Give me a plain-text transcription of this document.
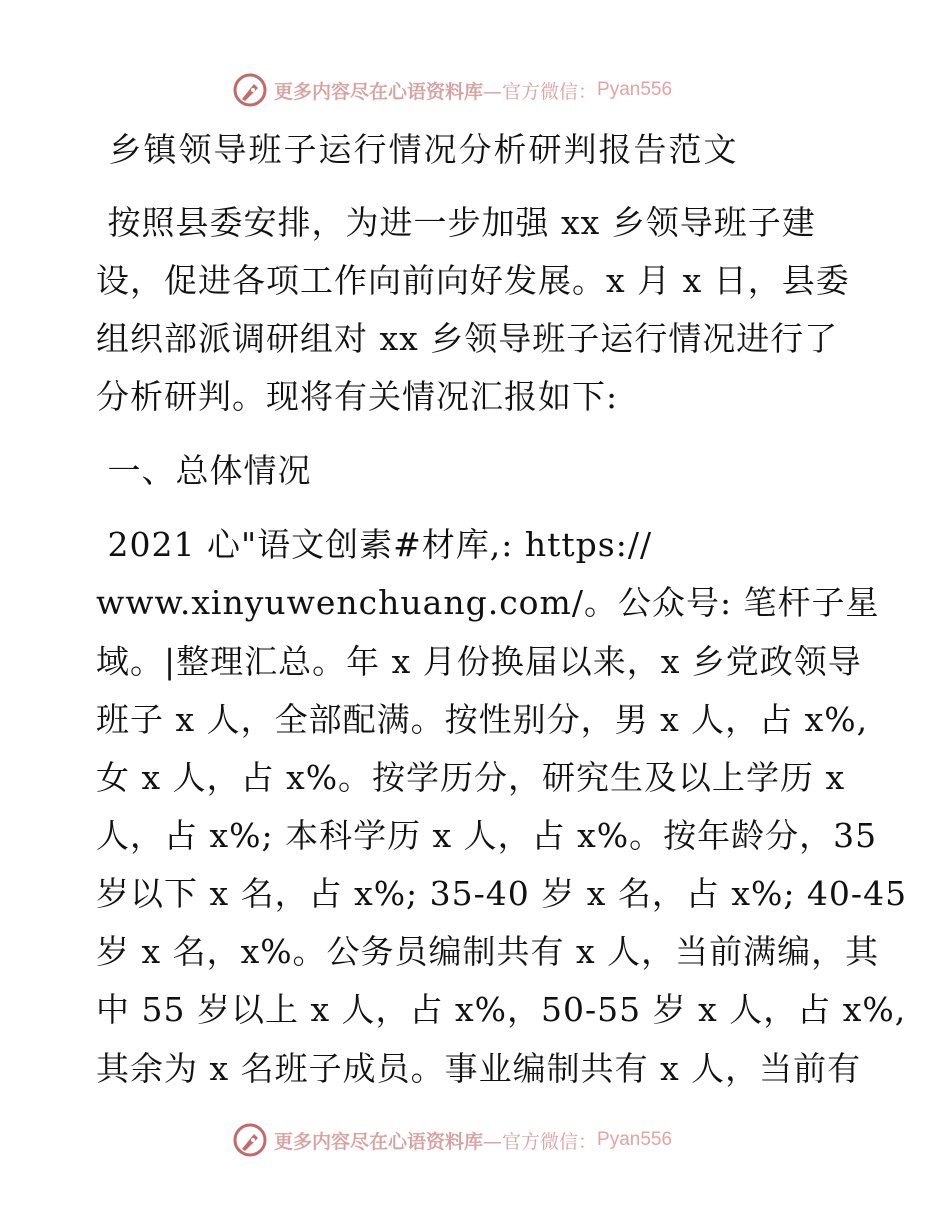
更多内容尽在心语资料库 —官方微信： Pyan556
乡镇领导班子运行情况分析研判报告范文
按照县委安排，为进一步加强 xx 乡领导班子建
设，促进各项工作向前向好发展。x 月 x 日，县委
组织部派调研组对 xx 乡领导班子运行情况进行了
分析研判。现将有关情况汇报如下:
一、总体情况
2021 心"语文创素#材库,: https://
www.xinyuwenchuang.com/。公众号: 笔杆子星
域。|整理汇总。年 x 月份换届以来，x 乡党政领导
班子 x 人，全部配满。按性别分，男 x 人，占 x%,
女 x 人，占 x%。按学历分，研究生及以上学历 x
人，占 x%; 本科学历 x 人，占 x%。按年龄分，35
岁以下 x 名，占 x%; 35-40 岁 x 名，占 x%; 40-45
岁 x 名，x%。公务员编制共有 x 人，当前满编，其
中 55 岁以上 x 人，占 x%，50-55 岁 x 人，占 x%,
其余为 x 名班子成员。事业编制共有 x 人，当前有
更多内容尽在心语资料库 —官方微信： Pyan556
